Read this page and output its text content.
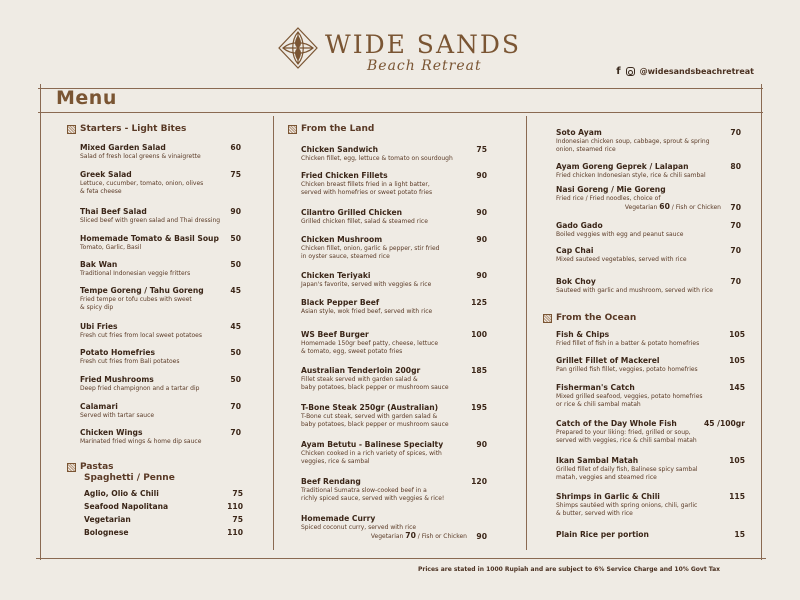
WIDE SANDS
Beach Retreat	f @widesandsbeachretreat
Menu
Starters - Light Bites
Pastas
Spaghetti / Penne
From the Land
From the Ocean
Prices are stated in 1000 Rupiah and are subject to 6% Service Charge and 10% Govt Tax
Mixed Garden Salad
Salad of fresh local greens & vinaigrette
60
Greek Salad
Lettuce, cucumber, tomato, onion, olives
& feta cheese
75
Thai Beef Salad
Sliced beef with green salad and Thai dressing
90
Homemade Tomato & Basil Soup
Tomato, Garlic, Basil
50
Bak Wan
Traditional Indonesian veggie fritters
50
Tempe Goreng / Tahu Goreng
Fried tempe or tofu cubes with sweet
& spicy dip
45
Ubi Fries
Fresh cut fries from local sweet potatoes
45
Potato Homefries
Fresh cut fries from Bali potatoes
50
Fried Mushrooms
Deep fried champignon and a tartar dip
50
Calamari
Served with tartar sauce
70
Chicken Wings
Marinated fried wings & home dip sauce
70
Aglio, Olio & Chili	75
Seafood Napolitana	110
Vegetarian	75
Bolognese	110
Chicken Sandwich
Chicken fillet, egg, lettuce & tomato on sourdough
75
Fried Chicken Fillets
Chicken breast fillets fried in a light batter,
served with homefries or sweet potato fries
90
Cilantro Grilled Chicken
Grilled chicken fillet, salad & steamed rice
90
Chicken Mushroom
Chicken fillet, onion, garlic & pepper, stir fried
in oyster sauce, steamed rice
90
Chicken Teriyaki
Japan's favorite, served with veggies & rice
90
Black Pepper Beef
Asian style, wok fried beef, served with rice
125
WS Beef Burger
Homemade 150gr beef patty, cheese, lettuce
& tomato, egg, sweet potato fries
100
Australian Tenderloin 200gr
Fillet steak served with garden salad &
baby potatoes, black pepper or mushroom sauce
185
T-Bone Steak 250gr (Australian)
T-Bone cut steak, served with garden salad &
baby potatoes, black pepper or mushroom sauce
195
Ayam Betutu - Balinese Specialty
Chicken cooked in a rich variety of spices, with
veggies, rice & sambal
90
Beef Rendang
Traditional Sumatra slow-cooked beef in a
richly spiced sauce, served with veggies & rice!
120
Homemade Curry
Spiced coconut curry, served with rice
Vegetarian 70 / Fish or Chicken	90
Soto Ayam
Indonesian chicken soup, cabbage, sprout & spring
onion, steamed rice
70
Ayam Goreng Geprek / Lalapan
Fried chicken Indonesian style, rice & chili sambal
80
Nasi Goreng / Mie Goreng
Fried rice / Fried noodles, choice of
Vegetarian 60 / Fish or Chicken	70
Gado Gado
Boiled veggies with egg and peanut sauce
70
Cap Chai
Mixed sauteed vegetables, served with rice
70
Bok Choy
Sauteed with garlic and mushroom, served with rice
70
Fish & Chips
Fried fillet of fish in a batter & potato homefries
105
Grillet Fillet of Mackerel
Pan grilled fish fillet, veggies, potato homefries
105
Fisherman's Catch
Mixed grilled seafood, veggies, potato homefries
or rice & chili sambal matah
145
Catch of the Day Whole Fish
Prepared to your liking: fried, grilled or soup,
served with veggies, rice & chili sambal matah
45 /100gr
Ikan Sambal Matah
Grilled fillet of daily fish, Balinese spicy sambal
matah, veggies and steamed rice
105
Shrimps in Garlic & Chili
Shimps sautéed with spring onions, chili, garlic
& butter, served with rice
115
Plain Rice per portion	15
